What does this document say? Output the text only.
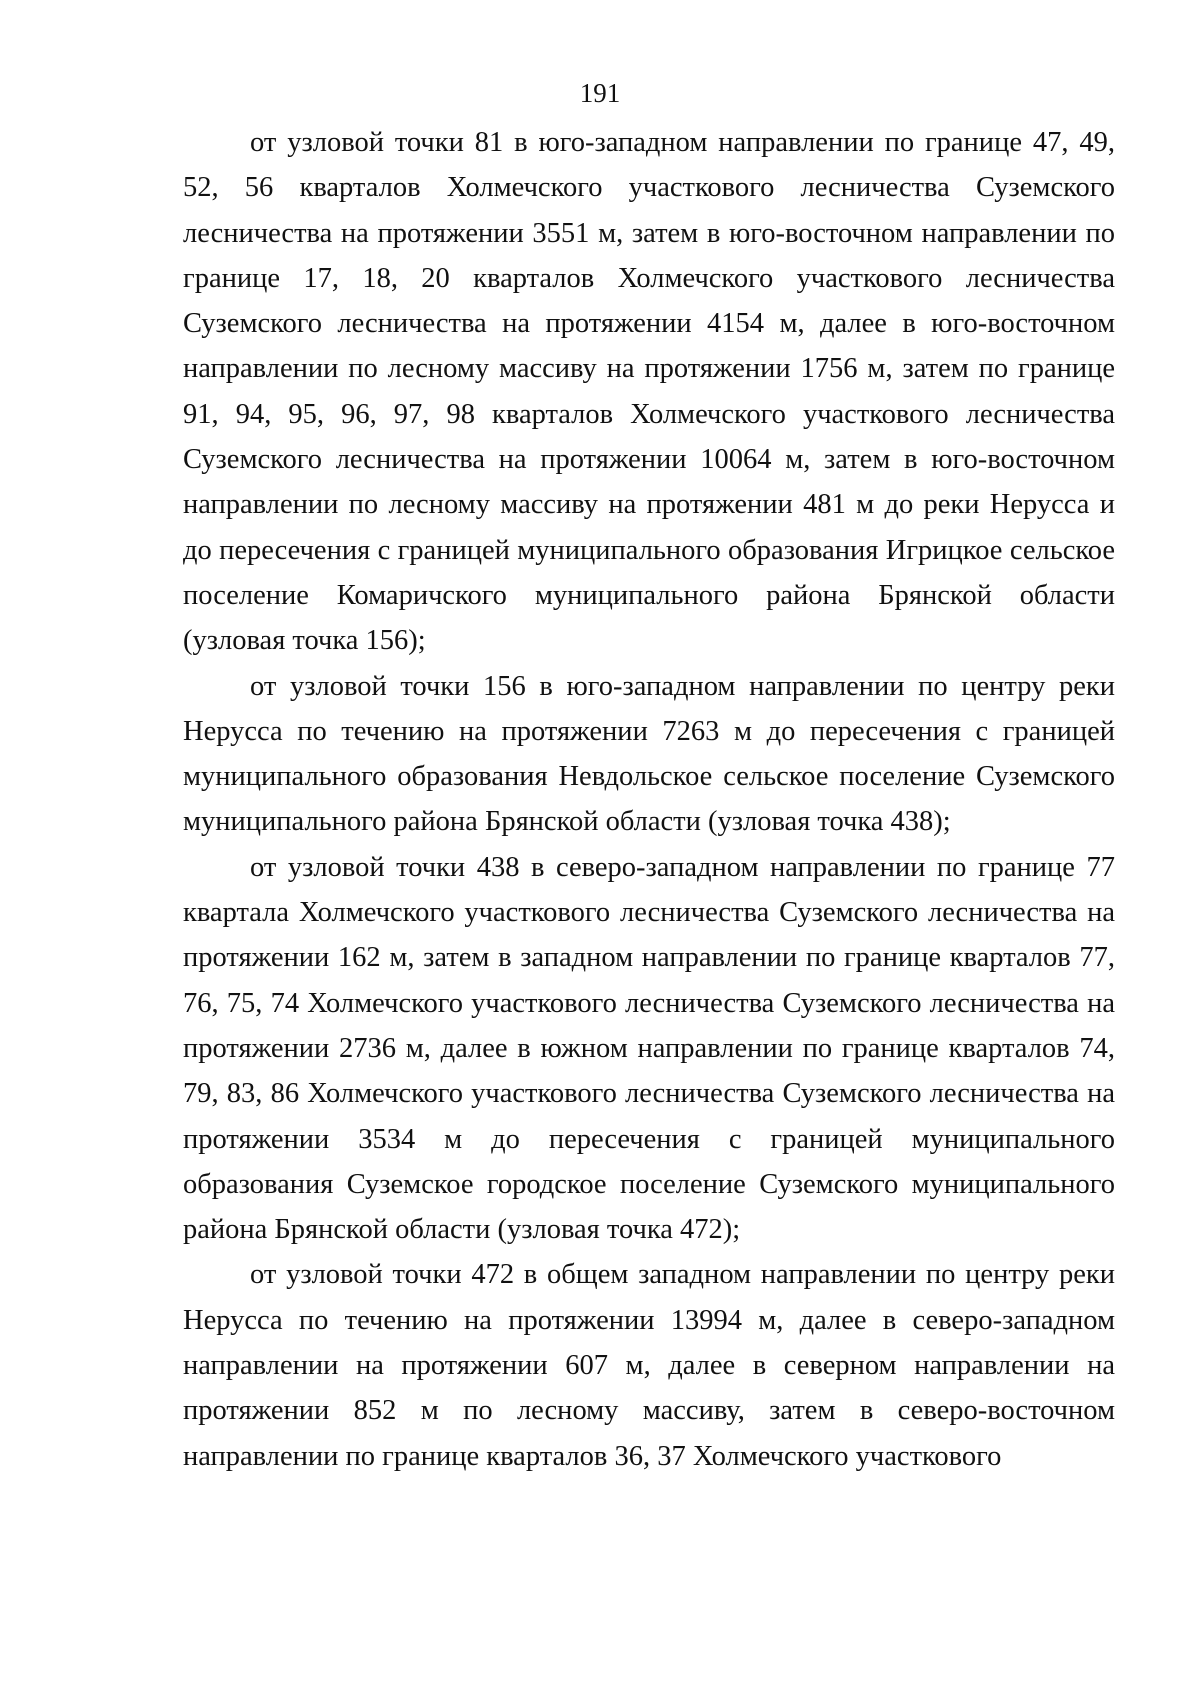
191

от узловой точки 81 в юго-западном направлении по границе 47, 49, 52, 56 кварталов Холмечского участкового лесничества Суземского лесничества на протяжении 3551 м, затем в юго-восточном направлении по границе 17, 18, 20 кварталов Холмечского участкового лесничества Суземского лесничества на протяжении 4154 м, далее в юго-восточном направлении по лесному массиву на протяжении 1756 м, затем по границе 91, 94, 95, 96, 97, 98 кварталов Холмечского участкового лесничества Суземского лесничества на протяжении 10064 м, затем в юго-​восточном направлении по лесному массиву на протяжении 481 м до реки Нерусса и до пересечения с границей муниципального образования Игрицкое сельское поселение Комаричского муниципального района Брянской области (узловая точка 156);

от узловой точки 156 в юго-западном направлении по центру реки Нерусса по течению на протяжении 7263 м до пересечения с границей муниципального образования Невдольское сельское поселение Суземского муниципального района Брянской области (узловая точка 438);

от узловой точки 438 в северо-западном направлении по границе 77 квартала Холмечского участкового лесничества Суземского лесничества на протяжении 162 м, затем в западном направлении по границе кварталов 77, 76, 75, 74 Холмечского участкового лесничества Суземского лесничества на протяжении 2736 м, далее в южном направлении по границе кварталов 74, 79, 83, 86 Холмечского участкового лесничества Суземского лесничества на протяжении 3534 м до пересечения с границей муниципального образования Суземское городское поселение Суземского муниципального района Брянской области (узловая точка 472);

от узловой точки 472 в общем западном направлении по центру реки Нерусса по течению на протяжении 13994 м, далее в северо-западном направлении на протяжении 607 м, далее в северном направлении на протяжении 852 м по лесному массиву, затем в северо-восточном направлении по границе кварталов 36, 37 Холмечского участкового
